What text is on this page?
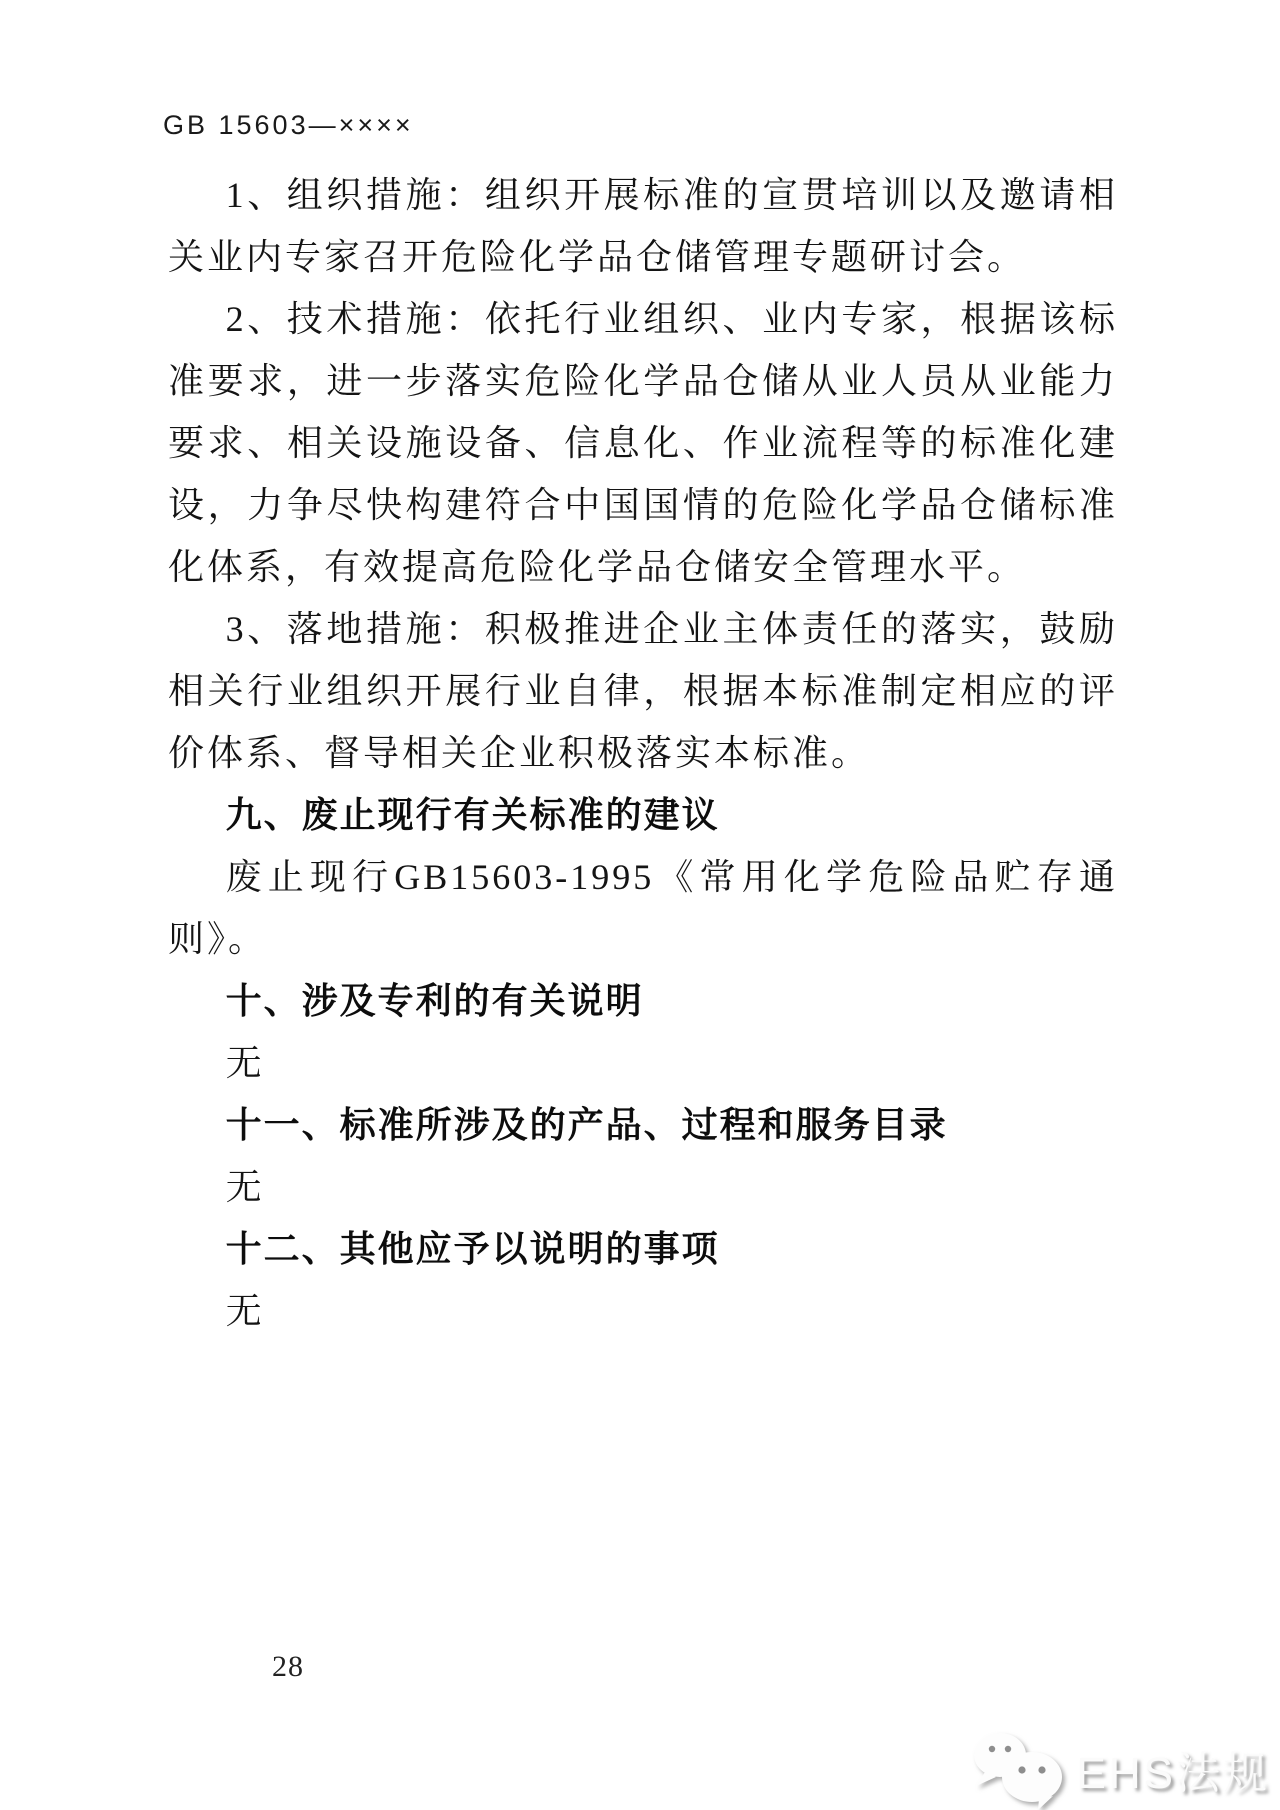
GB 15603—××××

1、组织措施：组织开展标准的宣贯培训以及邀请相关业内专家召开危险化学品仓储管理专题研讨会。

2、技术措施：依托行业组织、业内专家，根据该标准要求，进一步落实危险化学品仓储从业人员从业能力要求、相关设施设备、信息化、作业流程等的标准化建设，力争尽快构建符合中国国情的危险化学品仓储标准化体系，有效提高危险化学品仓储安全管理水平。

3、落地措施：积极推进企业主体责任的落实，鼓励相关行业组织开展行业自律，根据本标准制定相应的评价体系、督导相关企业积极落实本标准。

九、废止现行有关标准的建议

废止现行GB15603-1995《常用化学危险品贮存通则》。

十、涉及专利的有关说明

无

十一、标准所涉及的产品、过程和服务目录

无

十二、其他应予以说明的事项

无

28
EHS法规
